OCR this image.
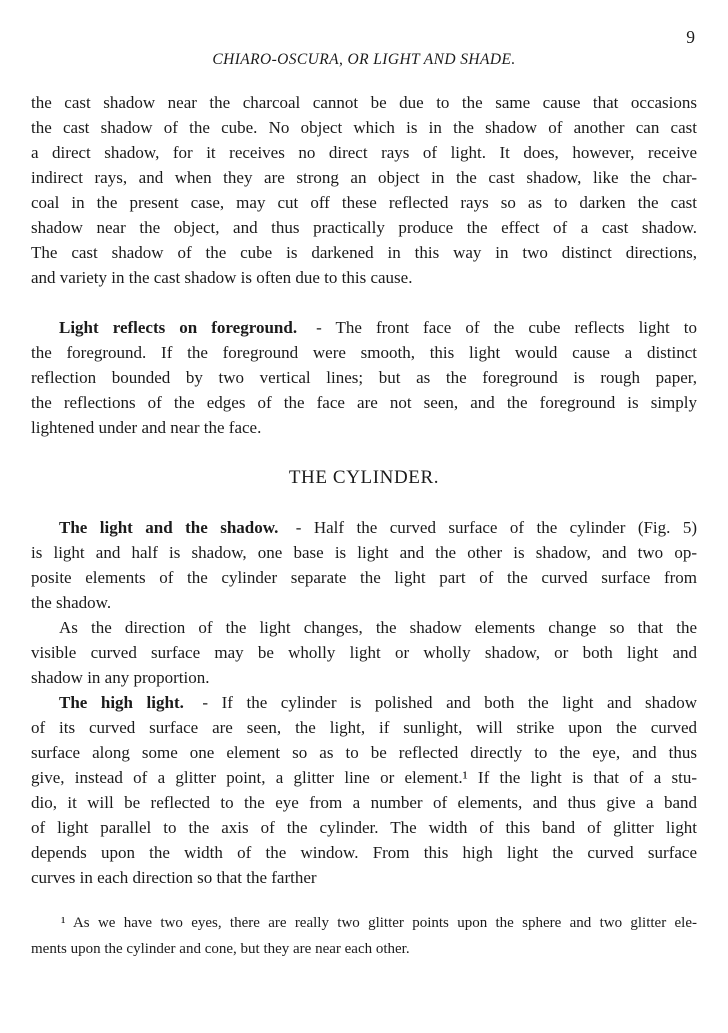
9
CHIARO-OSCURA, OR LIGHT AND SHADE.
the cast shadow near the charcoal cannot be due to the same cause that occasions
the cast shadow of the cube. No object which is in the shadow of another can cast
a direct shadow, for it receives no direct rays of light. It does, however, receive
indirect rays, and when they are strong an object in the cast shadow, like the char-
coal in the present case, may cut off these reflected rays so as to darken the cast
shadow near the object, and thus practically produce the effect of a cast shadow.
The cast shadow of the cube is darkened in this way in two distinct directions,
and variety in the cast shadow is often due to this cause.
Light reflects on foreground. - The front face of the cube reflects light to
the foreground. If the foreground were smooth, this light would cause a distinct
reflection bounded by two vertical lines; but as the foreground is rough paper,
the reflections of the edges of the face are not seen, and the foreground is simply
lightened under and near the face.
THE CYLINDER.
The light and the shadow. - Half the curved surface of the cylinder (Fig. 5)
is light and half is shadow, one base is light and the other is shadow, and two op-
posite elements of the cylinder separate the light part of the curved surface from
the shadow.
As the direction of the light changes, the shadow elements change so that the
visible curved surface may be wholly light or wholly shadow, or both light and
shadow in any proportion.
The high light. - If the cylinder is polished and both the light and shadow
of its curved surface are seen, the light, if sunlight, will strike upon the curved
surface along some one element so as to be reflected directly to the eye, and thus
give, instead of a glitter point, a glitter line or element.¹ If the light is that of a stu-
dio, it will be reflected to the eye from a number of elements, and thus give a band
of light parallel to the axis of the cylinder. The width of this band of glitter light
depends upon the width of the window. From this high light the curved surface
curves in each direction so that the farther
¹ As we have two eyes, there are really two glitter points upon the sphere and two glitter ele-
ments upon the cylinder and cone, but they are near each other.
